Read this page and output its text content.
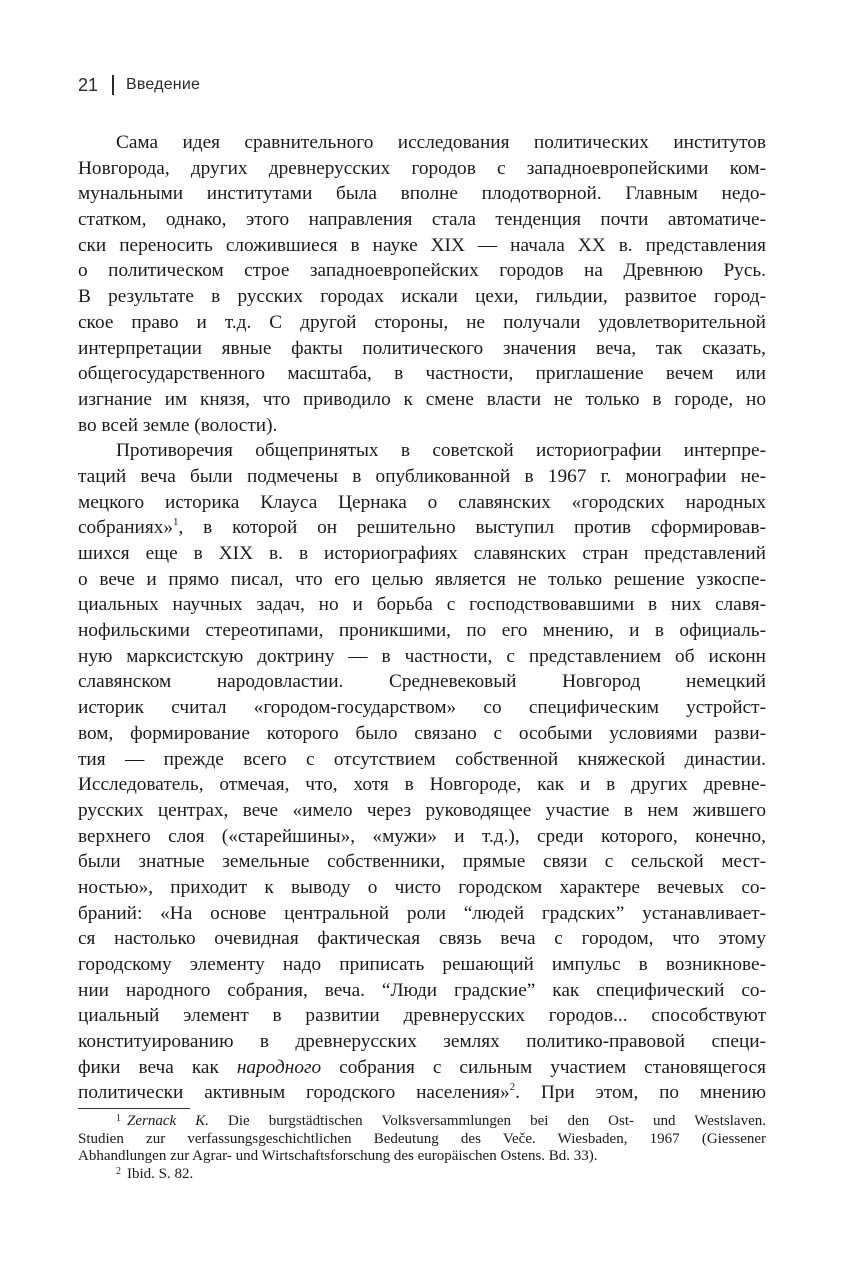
21 Введение
Сама идея сравнительного исследования политических институтов
Новгорода, других древнерусских городов с западноевропейскими ком-
мунальными институтами была вполне плодотворной. Главным недо-
статком, однако, этого направления стала тенденция почти автоматиче-
ски переносить сложившиеся в науке XIX — начала XX в. представления
о политическом строе западноевропейских городов на Древнюю Русь.
В результате в русских городах искали цехи, гильдии, развитое город-
ское право и т.д. С другой стороны, не получали удовлетворительной
интерпретации явные факты политического значения веча, так сказать,
общегосударственного масштаба, в частности, приглашение вечем или
изгнание им князя, что приводило к смене власти не только в городе, но
во всей земле (волости).
Противоречия общепринятых в советской историографии интерпре-
таций веча были подмечены в опубликованной в 1967 г. монографии не-
мецкого историка Клауса Цернака о славянских «городских народных
собраниях»$^1$, в которой он решительно выступил против сформировав-
шихся еще в XIX в. в историографиях славянских стран представлений
о вече и прямо писал, что его целью является не только решение узкоспе-
циальных научных задач, но и борьба с господствовавшими в них славя-
нофильскими стереотипами, проникшими, по его мнению, и в официаль-
ную марксистскую доктрину — в частности, с представлением об исконн
славянском народовластии. Средневековый Новгород немецкий
историк считал «городом-государством» со специфическим устройст-
вом, формирование которого было связано с особыми условиями разви-
тия — прежде всего с отсутствием собственной княжеской династии.
Исследователь, отмечая, что, хотя в Новгороде, как и в других древне-
русских центрах, вече «имело через руководящее участие в нем жившего
верхнего слоя («старейшины», «мужи» и т.д.), среди которого, конечно,
были знатные земельные собственники, прямые связи с сельской мест-
ностью», приходит к выводу о чисто городском характере вечевых со-
браний: «На основе центральной роли “людей градских” устанавливает-
ся настолько очевидная фактическая связь веча с городом, что этому
городскому элементу надо приписать решающий импульс в возникнове-
нии народного собрания, веча. “Люди градские” как специфический со-
циальный элемент в развитии древнерусских городов... способствуют
конституированию в древнерусских землях политико-правовой специ-
фики веча как народного собрания с сильным участием становящегося
политически активным городского населения»$^2$. При этом, по мнению
$^1$ Zernack K. Die burgstädtischen Volksversammlungen bei den Ost- und Westslaven.
Studien zur verfassungsgeschichtlichen Bedeutung des Veče. Wiesbaden, 1967 (Giessener
Abhandlungen zur Agrar- und Wirtschaftsforschung des europäischen Ostens. Bd. 33).
$^2$ Ibid. S. 82.
